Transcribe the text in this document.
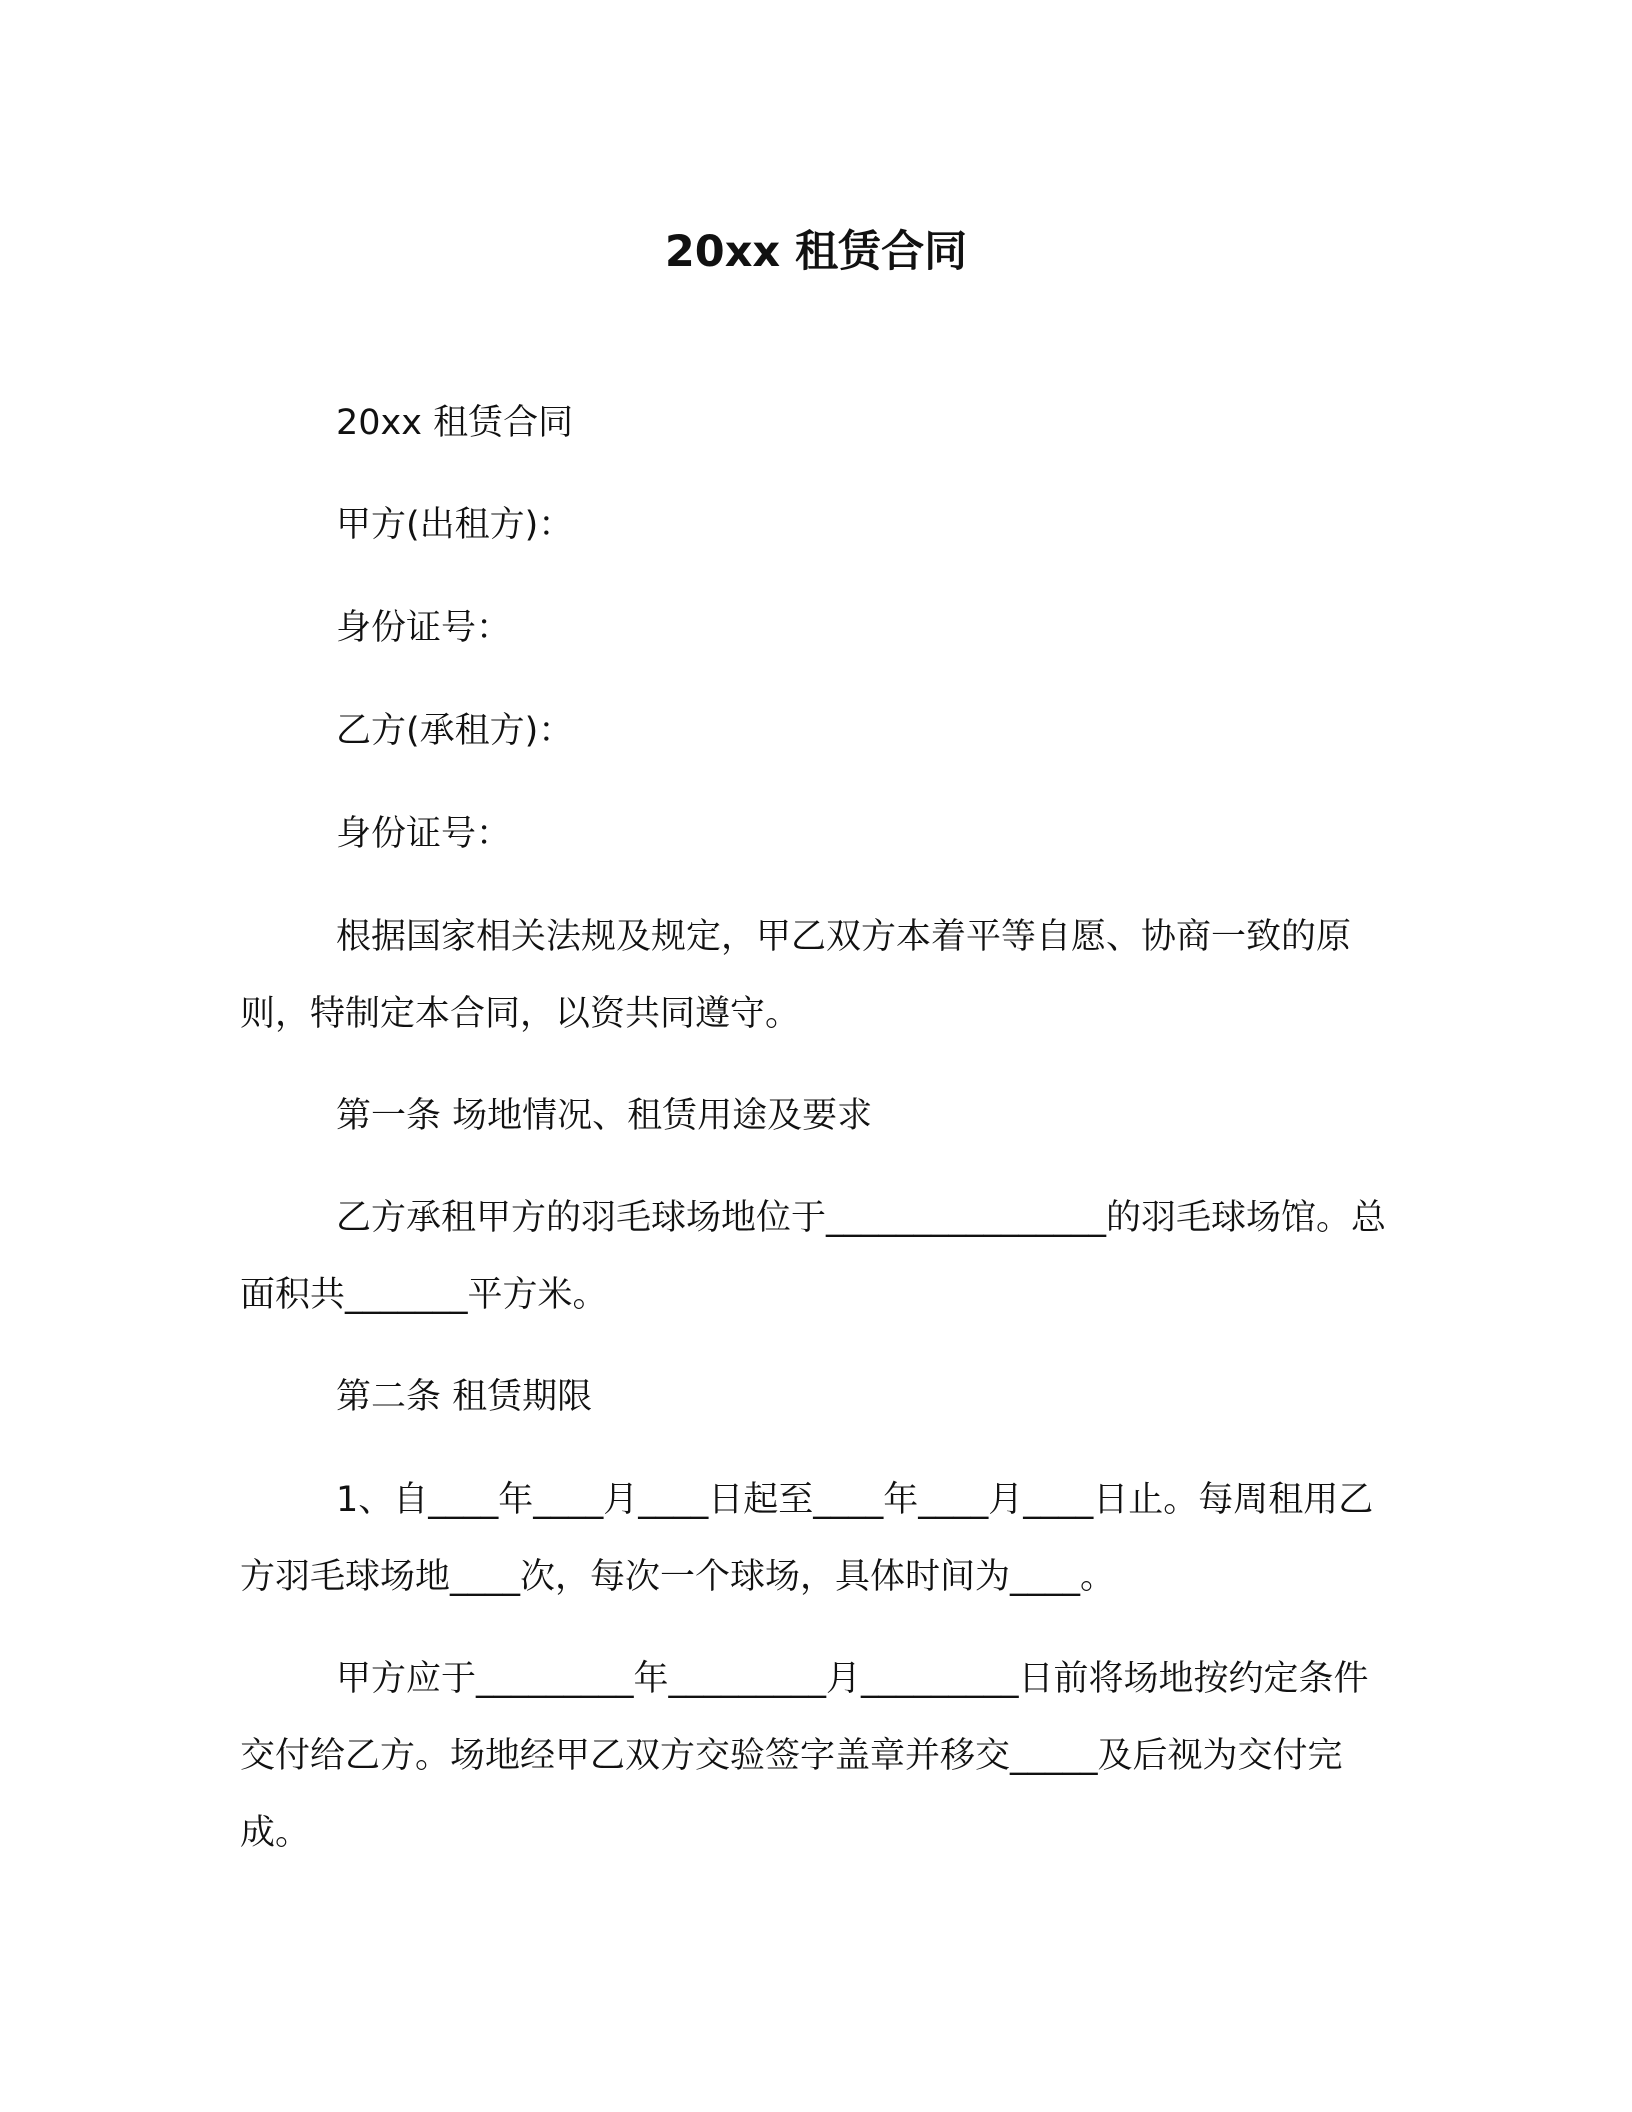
20xx 租赁合同

20xx 租赁合同

甲方(出租方)：

身份证号：

乙方(承租方)：

身份证号：

根据国家相关法规及规定，甲乙双方本着平等自愿、协商一致的原则，特制定本合同，以资共同遵守。

第一条 场地情况、租赁用途及要求

乙方承租甲方的羽毛球场地位于________________的羽毛球场馆。总面积共_______平方米。

第二条 租赁期限

1、自____年____月____日起至____年____月____日止。每周租用乙方羽毛球场地____次，每次一个球场，具体时间为____。

甲方应于_________年_________月_________日前将场地按约定条件交付给乙方。场地经甲乙双方交验签字盖章并移交_____及后视为交付完成。
